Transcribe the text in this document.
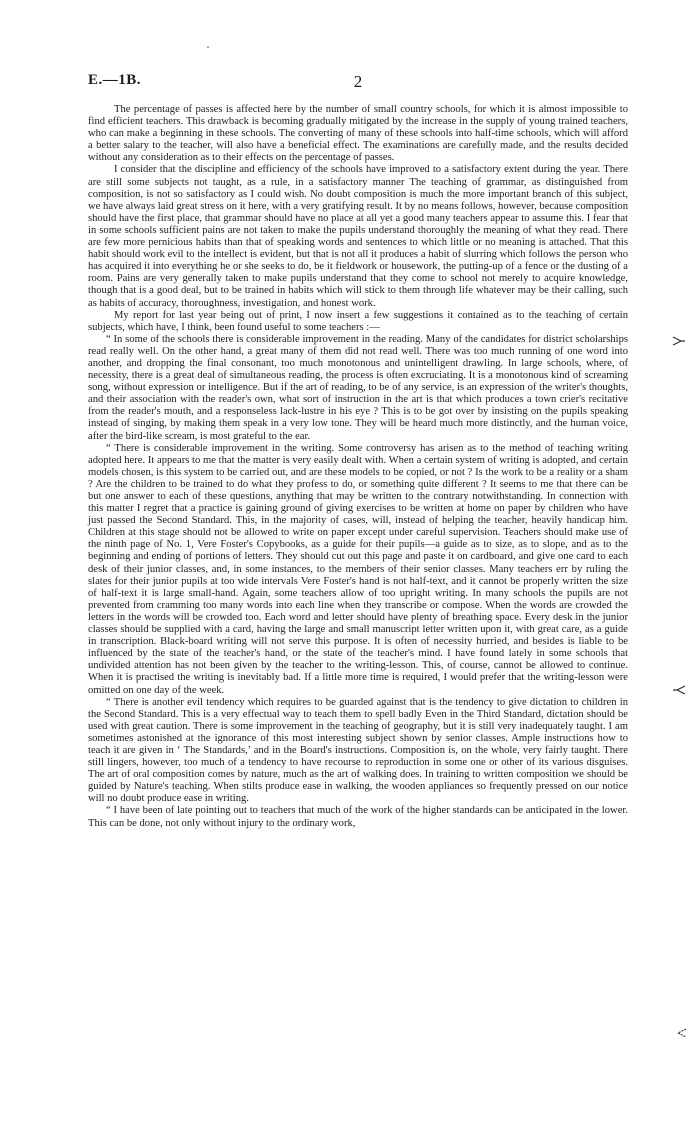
E.—1B.	2

The percentage of passes is affected here by the number of small country schools, for which it is almost impossible to find efficient teachers. This drawback is becoming gradually mitigated by the increase in the supply of young trained teachers, who can make a beginning in these schools. The converting of many of these schools into half-time schools, which will afford a better salary to the teacher, will also have a beneficial effect. The examinations are carefully made, and the results decided without any consideration as to their effects on the percentage of passes.

I consider that the discipline and efficiency of the schools have improved to a satisfactory extent during the year. There are still some subjects not taught, as a rule, in a satisfactory manner The teaching of grammar, as distinguished from composition, is not so satisfactory as I could wish. No doubt composition is much the more important branch of this subject, we have always laid great stress on it here, with a very gratifying result. It by no means follows, however, because composition should have the first place, that grammar should have no place at all yet a good many teachers appear to assume this. I fear that in some schools sufficient pains are not taken to make the pupils understand thoroughly the meaning of what they read. There are few more pernicious habits than that of speaking words and sentences to which little or no meaning is attached. That this habit should work evil to the intellect is evident, but that is not all it produces a habit of slurring which follows the person who has acquired it into everything he or she seeks to do, be it fieldwork or housework, the putting-up of a fence or the dusting of a room. Pains are very generally taken to make pupils understand that they come to school not merely to acquire knowledge, though that is a good deal, but to be trained in habits which will stick to them through life whatever may be their calling, such as habits of accuracy, thoroughness, investigation, and honest work.

My report for last year being out of print, I now insert a few suggestions it contained as to the teaching of certain subjects, which have, I think, been found useful to some teachers :—

“ In some of the schools there is considerable improvement in the reading. Many of the candidates for district scholarships read really well. On the other hand, a great many of them did not read well. There was too much running of one word into another, and dropping the final consonant, too much monotonous and unintelligent drawling. In large schools, where, of necessity, there is a great deal of simultaneous reading, the process is often excruciating. It is a monotonous kind of screaming song, without expression or intelligence. But if the art of reading, to be of any service, is an expression of the writer's thoughts, and their association with the reader's own, what sort of instruction in the art is that which produces a town crier's recitative from the reader's mouth, and a responseless lack-lustre in his eye ? This is to be got over by insisting on the pupils speaking instead of singing, by making them speak in a very low tone. They will be heard much more distinctly, and the human voice, after the bird-like scream, is most grateful to the ear.

“ There is considerable improvement in the writing. Some controversy has arisen as to the method of teaching writing adopted here. It appears to me that the matter is very easily dealt with. When a certain system of writing is adopted, and certain models chosen, is this system to be carried out, and are these models to be copied, or not ? Is the work to be a reality or a sham ? Are the children to be trained to do what they profess to do, or something quite different ? It seems to me that there can be but one answer to each of these questions, anything that may be written to the contrary notwithstanding. In connection with this matter I regret that a practice is gaining ground of giving exercises to be written at home on paper by children who have just passed the Second Standard. This, in the majority of cases, will, instead of helping the teacher, heavily handicap him. Children at this stage should not be allowed to write on paper except under careful supervision. Teachers should make use of the ninth page of No. 1, Vere Foster's Copybooks, as a guide for their pupils—a guide as to size, as to slope, and as to the beginning and ending of portions of letters. They should cut out this page and paste it on cardboard, and give one card to each desk of their junior classes, and, in some instances, to the members of their senior classes. Many teachers err by ruling the slates for their junior pupils at too wide intervals Vere Foster's hand is not half-text, and it cannot be properly written the size of half-text it is large small-hand. Again, some teachers allow of too upright writing. In many schools the pupils are not prevented from cramming too many words into each line when they transcribe or compose. When the words are crowded the letters in the words will be crowded too. Each word and letter should have plenty of breathing space. Every desk in the junior classes should be supplied with a card, having the large and small manuscript letter written upon it, with great care, as a guide in transcription. Black-board writing will not serve this purpose. It is often of necessity hurried, and besides is liable to be influenced by the state of the teacher's hand, or the state of the teacher's mind. I have found lately in some schools that undivided attention has not been given by the teacher to the writing-lesson. This, of course, cannot be allowed to continue. When it is practised the writing is inevitably bad. If a little more time is required, I would prefer that the writing-lesson were omitted on one day of the week.

“ There is another evil tendency which requires to be guarded against that is the tendency to give dictation to children in the Second Standard. This is a very effectual way to teach them to spell badly Even in the Third Standard, dictation should be used with great caution. There is some improvement in the teaching of geography, but it is still very inadequately taught. I am sometimes astonished at the ignorance of this most interesting subject shown by senior classes. Ample instructions how to teach it are given in ‘ The Standards,’ and in the Board's instructions. Composition is, on the whole, very fairly taught. There still lingers, however, too much of a tendency to have recourse to reproduction in some one or other of its various disguises. The art of oral composition comes by nature, much as the art of walking does. In training to written composition we should be guided by Nature's teaching. When stilts produce ease in walking, the wooden appliances so frequently pressed on our notice will no doubt produce ease in writing.

“ I have been of late pointing out to teachers that much of the work of the higher standards can be anticipated in the lower. This can be done, not only without injury to the ordinary work,
